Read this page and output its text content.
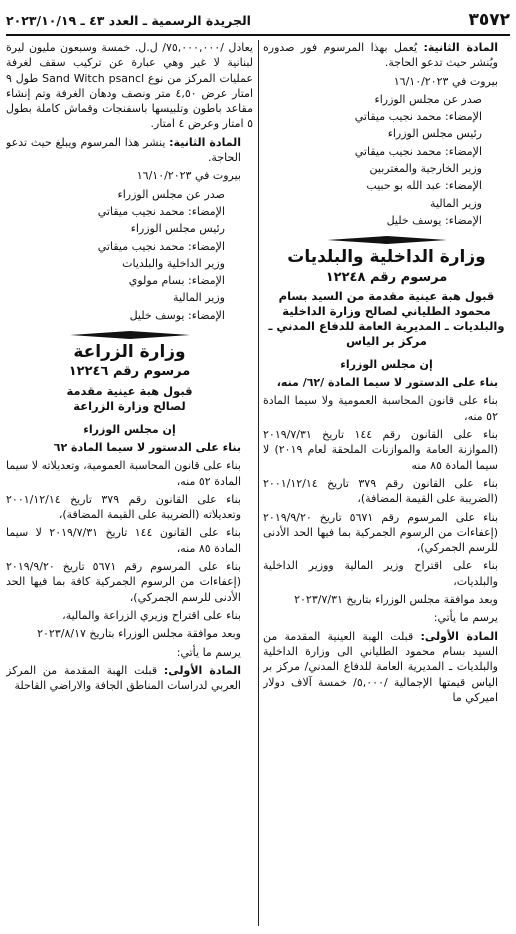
٣٥٧٢
الجريدة الرسمية ـ العدد ٤٣ ـ ٢٠٢٣/١٠/١٩

المادة الثانية: يُعمل بهذا المرسوم فور صدوره ويُنشر حيث تدعو الحاجة.

بيروت في ١٦/١٠/٢٠٢٣

صدر عن مجلس الوزراء

الإمضاء: محمد نجيب ميقاتي

رئيس مجلس الوزراء

الإمضاء: محمد نجيب ميقاتي

وزير الخارجية والمغتربين

الإمضاء: عبد الله بو حبيب

وزير المالية

الإمضاء: يوسف خليل

وزارة الداخلية والبلديات
مرسوم رقم ١٢٢٤٨
قبول هبة عينية مقدمة من السيد بسام محمود الطلياني لصالح وزارة الداخلية والبلديات ـ المديرية العامة للدفاع المدني ـ مركز بر الياس

إن مجلس الوزراء

بناء على الدستور لا سيما المادة /٦٢/ منه،

بناء على قانون المحاسبة العمومية ولا سيما المادة ٥٢ منه،

بناء على القانون رقم ١٤٤ تاريخ ٢٠١٩/٧/٣١ (الموازنة العامة والموازنات الملحقة لعام ٢٠١٩) لا سيما المادة ٨٥ منه

بناء على القانون رقم ٣٧٩ تاريخ ٢٠٠١/١٢/١٤ (الضريبة على القيمة المضافة)،

بناء على المرسوم رقم ٥٦٧١ تاريخ ٢٠١٩/٩/٢٠ (إعفاءات من الرسوم الجمركية بما فيها الحد الأدنى للرسم الجمركي)،

بناء على اقتراح وزير المالية ووزير الداخلية والبلديات،

وبعد موافقة مجلس الوزراء بتاريخ ٢٠٢٣/٧/٣١

يرسم ما يأتي:

المادة الأولى: قبلت الهبة العينية المقدمة من السيد بسام محمود الطلياني الى وزارة الداخلية والبلديات ـ المديرية العامة للدفاع المدني/ مركز بر الياس قيمتها الإجمالية /٥,٠٠٠/ خمسة آلاف دولار اميركي ما

يعادل /٧٥,٠٠٠,٠٠٠/ ل.ل. خمسة وسبعون مليون ليرة لبنانية لا غير وهي عبارة عن تركيب سقف لغرفة عمليات المركز من نوع Sand Witch psancl طول ٩ امتار عرض ٤,٥٠ متر ونصف ودهان الغرفة وتم إنشاء مقاعد باطون وتلبيسها باسفنجات وقماش كاملة بطول ٥ امتار وعرض ٤ امتار.

المادة الثانية: ينشر هذا المرسوم ويبلغ حيث تدعو الحاجة.

بيروت في ١٦/١٠/٢٠٢٣

صدر عن مجلس الوزراء

الإمضاء: محمد نجيب ميقاتي

رئيس مجلس الوزراء

الإمضاء: محمد نجيب ميقاتي

وزير الداخلية والبلديات

الإمضاء: بسام مولوي

وزير المالية

الإمضاء: يوسف خليل

وزارة الزراعة
مرسوم رقم ١٢٢٤٦
قبول هبة عينية مقدمة
لصالح وزارة الزراعة

إن مجلس الوزراء

بناء على الدستور لا سيما المادة ٦٢

بناء على قانون المحاسبة العمومية، وتعديلاته لا سيما المادة ٥٢ منه،

بناء على القانون رقم ٣٧٩ تاريخ ٢٠٠١/١٢/١٤ وتعديلاته (الضريبة على القيمة المضافة)،

بناء على القانون ١٤٤ تاريخ ٢٠١٩/٧/٣١ لا سيما المادة ٨٥ منه،

بناء على المرسوم رقم ٥٦٧١ تاريخ ٢٠١٩/٩/٢٠ (إعفاءات من الرسوم الجمركية كافة بما فيها الحد الأدنى للرسم الجمركي)،

بناء على اقتراح وزيري الزراعة والمالية،

وبعد موافقة مجلس الوزراء بتاريخ ٢٠٢٣/٨/١٧

يرسم ما يأتي:

المادة الأولى: قبلت الهبة المقدمة من المركز العربي لدراسات المناطق الجافة والاراضي القاحلة
